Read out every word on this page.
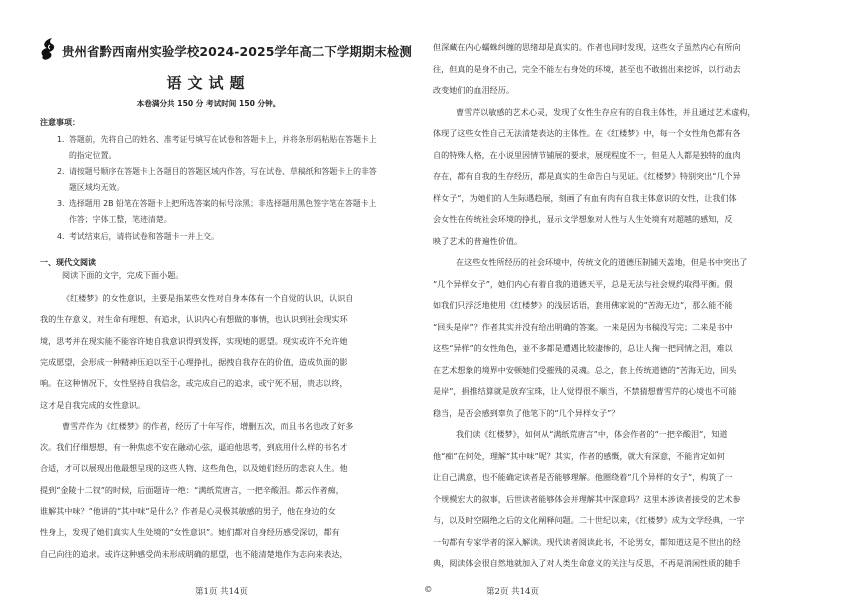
贵州省黔西南州实验学校2024-2025学年高二下学期期末检测
语文试题
本卷满分共 150 分 考试时间 150 分钟。
注意事项：
1. 答题前，先将自己的姓名、准考证号填写在试卷和答题卡上，并将条形码粘贴在答题卡上
的指定位置。
2. 请按题号顺序在答题卡上各题目的答题区域内作答，写在试卷、草稿纸和答题卡上的非答
题区域均无效。
3. 选择题用 2B 铅笔在答题卡上把所选答案的标号涂黑；非选择题用黑色签字笔在答题卡上
作答；字体工整，笔迹清楚。
4. 考试结束后，请将试卷和答题卡一并上交。
一、现代文阅读
阅读下面的文字，完成下面小题。
《红楼梦》的女性意识，主要是指某些女性对自身本体有一个自觉的认识，认识自
我的生存意义，对生命有理想、有追求，认识内心有想做的事情，也认识到社会现实环
境，思考并在现实能不能容许她自我意识得到发挥，实现她的愿望。现实或许不允许她
完成愿望，会形成一种精神压迫以至于心理挣扎，据拽自我存在的价值，造成负面的影
响。在这种情况下，女性坚持自我信念，或完成自己的追求，或宁死不屈，贵志以终，
这才是自我完成的女性意识。
曹雪芹作为《红楼梦》的作者，经历了十年写作，增删五次，而且书名也改了好多
次。我们仔细想想，有一种焦虑不安在融动心弦，逼迫他思考，到底用什么样的书名才
合适，才可以展现出他最想呈现的这些人物、这些角色，以及她们经历的悲哀人生。他
提到“金陵十二钗”的时候，后面题诗一绝：“满纸荒唐言，一把辛酸泪。都云作者痴，
谁解其中味？”他讲的“其中味”是什么？作者是心灵极其敏感的男子，他在身边的女
性身上，发现了她们真实人生处境的“女性意识”。她们都对自身经历感受深切，都有
自己向往的追求。或许这种感受尚未形成明确的愿望，也不能清楚地作为志向来表达，
但深藏在内心蠕蛛纠缠的思绪却是真实的。作者也同时发现，这些女子虽然内心有所向
往，但真的是身不由己，完全不能左右身处的环境，甚至也不敢拙出来挖诉，以行动去
改变她们的血泪经历。
曹雪芹以敏感的艺术心灵，发现了女性生存应有的自我主体性，并且通过艺术虚构，
体现了这些女性自己无法清楚表达的主体性。在《红楼梦》中，每一个女性角色都有各
自的特殊人格，在小说里因情节铺展的要求，展现程度不一，但是人人都是独特的血肉
存在，都有自我的生存经历，都是真实的生命告白与见证。《红楼梦》特别突出“几个异
样女子”，为她们的人生际遇趋展，刻画了有血有肉有自我主体意识的女性，让我们体
会女性在传统社会环境的挣扎，显示文学想象对人性与人生处境有对超越的感知，反
映了艺术的普遍性价值。
在这些女性所经历的社会环境中，传统文化的道德压制铺天盖地，但是书中突出了
“几个异样女子”，她们内心有着自我的道德天平，总是无法与社会规约取得平衡。假
如我们只浮泛地使用《红楼梦》的浅层话语，套用佛家说的“苦海无边”，那么能不能
“回头是岸”？作者其实并没有给出明确的答案。一来是因为书稿没写完；二来是书中
这些“异样”的女性角色，並不多都是遭遇比较凄惨的，总让人掬一把同情之泪，难以
在艺术想象的境界中安顿她们受摧残的灵魂。总之，套上传统道德的“苦海无边，回头
是岸”，捐推结算就是放弃宝珠，让人觉得很不顺当，不禁猜想曹雪芹的心境也不可能
稳当，是否会感到辜负了他笔下的“几个异样女子”？
我们读《红楼梦》，如何从“满纸荒唐言”中，体会作者的“一把辛酸泪”，知道
他“痴”在何处，理解“其中味”呢？其实，作者的感慨，就大有深意，不能肯定如何
让自己满意，也不能确定读者是否能够理解。他圈绕着“几个异样的女子”，构筑了一
个规模宏大的叙事，后世读者能够体会并理解其中深意吗？这里本涉读者接受的艺术参
与，以及时空隔绝之后的文化阐释问题。二十世纪以来，《红楼梦》成为文学经典，一字
一句都有专家学者的深入解读。现代读者阅读此书，不论男女，都知道这是不世出的经
典，阅读体会很自然地就加入了对人类生命意义的关注与反思，不再是消闲性质的随手
第1页 共14页	©	第2页 共14页
